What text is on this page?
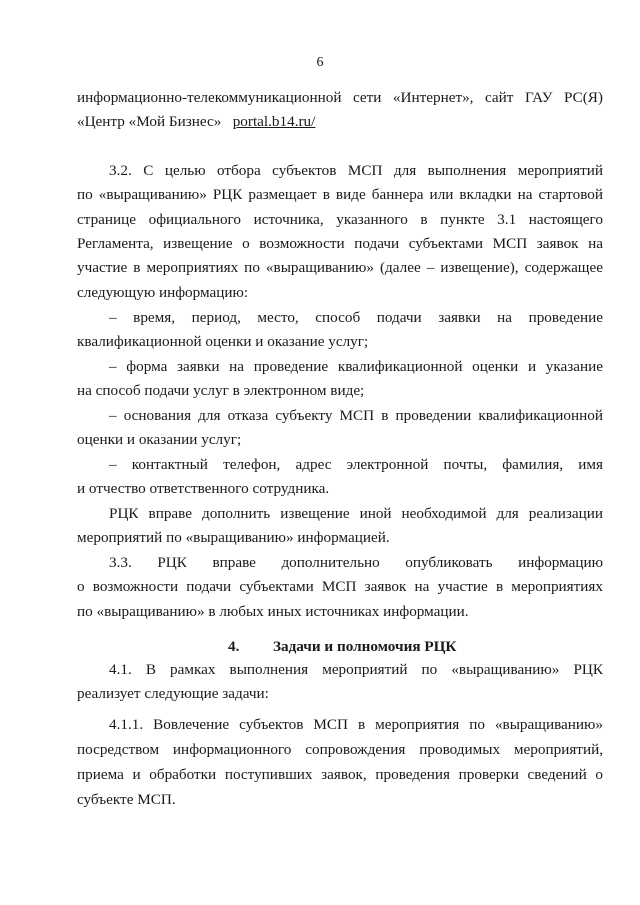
6
информационно-телекоммуникационной сети «Интернет», сайт ГАУ РС(Я)
«Центр «Мой Бизнес» portal.b14.ru/
3.2. С целью отбора субъектов МСП для выполнения мероприятий
по «выращиванию» РЦК размещает в виде баннера или вкладки на стартовой
странице официального источника, указанного в пункте 3.1 настоящего
Регламента, извещение о возможности подачи субъектами МСП заявок на
участие в мероприятиях по «выращиванию» (далее – извещение), содержащее
следующую информацию:
– время, период, место, способ подачи заявки на проведение
квалификационной оценки и оказание услуг;
– форма заявки на проведение квалификационной оценки и указание
на способ подачи услуг в электронном виде;
– основания для отказа субъекту МСП в проведении квалификационной
оценки и оказании услуг;
– контактный телефон, адрес электронной почты, фамилия, имя
и отчество ответственного сотрудника.
РЦК вправе дополнить извещение иной необходимой для реализации
мероприятий по «выращиванию» информацией.
3.3. РЦК вправе дополнительно опубликовать информацию
о возможности подачи субъектами МСП заявок на участие в мероприятиях
по «выращиванию» в любых иных источниках информации.
4. Задачи и полномочия РЦК
4.1. В рамках выполнения мероприятий по «выращиванию» РЦК
реализует следующие задачи:
4.1.1. Вовлечение субъектов МСП в мероприятия по «выращиванию»
посредством информационного сопровождения проводимых мероприятий,
приема и обработки поступивших заявок, проведения проверки сведений о
субъекте МСП.
